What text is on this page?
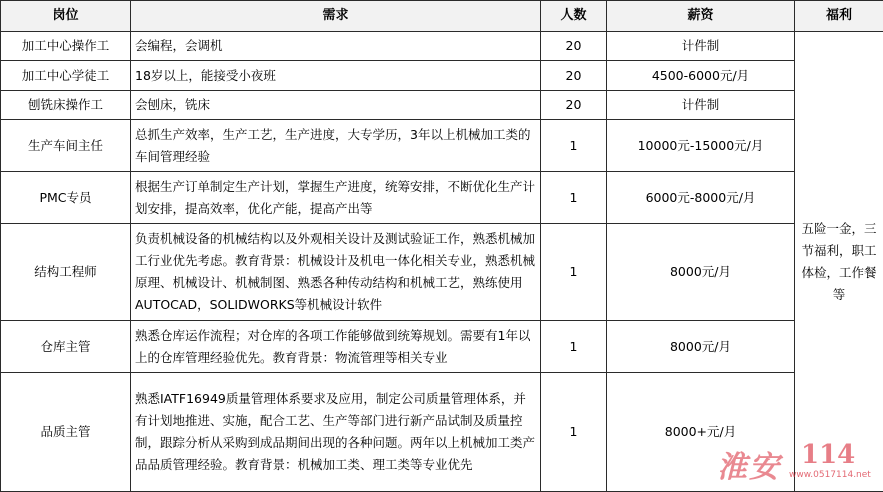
岗位	需求	人数	薪资	福利
加工中心操作工	会编程，会调机	20	计件制	五险一金，三节福利，职工体检，工作餐等
加工中心学徒工	18岁以上，能接受小夜班	20	4500-6000元/月	
刨铣床操作工	会刨床，铣床	20	计件制	
生产车间主任	总抓生产效率，生产工艺，生产进度，大专学历，3年以上机械加工类的车间管理经验	1	10000元-15000元/月	
PMC专员	根据生产订单制定生产计划，掌握生产进度，统筹安排，不断优化生产计划安排，提高效率，优化产能，提高产出等	1	6000元-8000元/月	
结构工程师	负责机械设备的机械结构以及外观相关设计及测试验证工作，熟悉机械加工行业优先考虑。教育背景：机械设计及机电一体化相关专业，熟悉机械原理、机械设计、机械制图、熟悉各种传动结构和机械工艺，熟练使用AUTOCAD，SOLIDWORKS等机械设计软件	1	8000元/月	
仓库主管	熟悉仓库运作流程；对仓库的各项工作能够做到统筹规划。需要有1年以上的仓库管理经验优先。教育背景：物流管理等相关专业	1	8000元/月	
品质主管	熟悉IATF16949质量管理体系要求及应用，制定公司质量管理体系，并有计划地推进、实施，配合工艺、生产等部门进行新产品试制及质量控制，跟踪分析从采购到成品期间出现的各种问题。两年以上机械加工类产品品质管理经验。教育背景：机械加工类、理工类等专业优先	1	8000+元/月	
淮安 114
www.0517114.net
